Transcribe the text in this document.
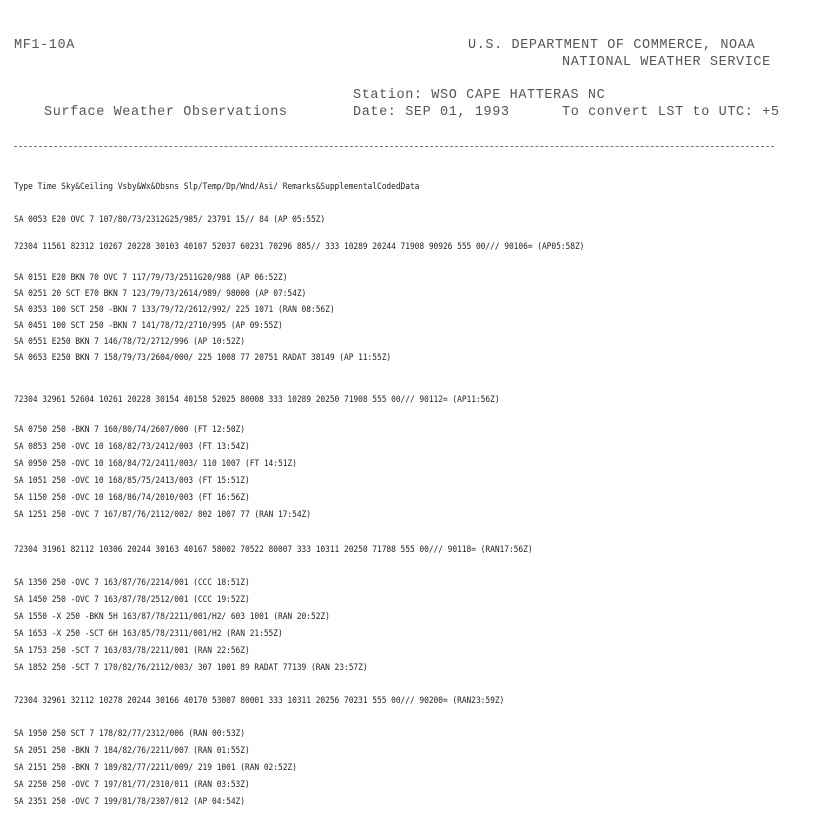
MF1-10A	U.S. DEPARTMENT OF COMMERCE, NOAA
NATIONAL WEATHER SERVICE
Station: WSO CAPE HATTERAS NC
Surface Weather Observations	Date: SEP 01, 1993	To convert LST to UTC: +5
Type Time Sky&Ceiling Vsby&Wx&Obsns Slp/Temp/Dp/Wnd/Asi/ Remarks&SupplementalCodedData
SA 0053 E20 OVC 7 107/80/73/2312G25/985/ 23791 15// 84 (AP 05:55Z)
72304 11561 82312 10267 20228 30103 40107 52037 60231 70296 885// 333 10289 20244 71908 90926 555 00/// 90106= (AP05:58Z)
SA 0151 E20 BKN 70 OVC 7 117/79/73/2511G20/988 (AP 06:52Z)
SA 0251 20 SCT E70 BKN 7 123/79/73/2614/989/ 98000 (AP 07:54Z)
SA 0353 100 SCT 250 -BKN 7 133/79/72/2612/992/ 225 1071 (RAN 08:56Z)
SA 0451 100 SCT 250 -BKN 7 141/78/72/2710/995 (AP 09:55Z)
SA 0551 E250 BKN 7 146/78/72/2712/996 (AP 10:52Z)
SA 0653 E250 BKN 7 158/79/73/2604/000/ 225 1008 77 20751 RADAT 38149 (AP 11:55Z)
72304 32961 52604 10261 20228 30154 40158 52025 80008 333 10289 20250 71908 555 00/// 90112= (AP11:56Z)
SA 0750 250 -BKN 7 160/80/74/2607/000 (FT 12:50Z)
SA 0853 250 -OVC 10 168/82/73/2412/003 (FT 13:54Z)
SA 0950 250 -OVC 10 168/84/72/2411/003/ 110 1007 (FT 14:51Z)
SA 1051 250 -OVC 10 168/85/75/2413/003 (FT 15:51Z)
SA 1150 250 -OVC 10 168/86/74/2010/003 (FT 16:56Z)
SA 1251 250 -OVC 7 167/87/76/2112/002/ 802 1007 77 (RAN 17:54Z)
72304 31961 82112 10306 20244 30163 40167 58002 70522 80007 333 10311 20250 71788 555 00/// 90118= (RAN17:56Z)
SA 1350 250 -OVC 7 163/87/76/2214/001 (CCC 18:51Z)
SA 1450 250 -OVC 7 163/87/78/2512/001 (CCC 19:52Z)
SA 1550 -X 250 -BKN 5H 163/87/78/2211/001/H2/ 603 1001 (RAN 20:52Z)
SA 1653 -X 250 -SCT 6H 163/85/78/2311/001/H2 (RAN 21:55Z)
SA 1753 250 -SCT 7 163/83/78/2211/001 (RAN 22:56Z)
SA 1852 250 -SCT 7 170/82/76/2112/003/ 307 1001 89 RADAT 77139 (RAN 23:57Z)
72304 32961 32112 10278 20244 30166 40170 53007 80001 333 10311 20256 70231 555 00/// 90200= (RAN23:59Z)
SA 1950 250 SCT 7 178/82/77/2312/006 (RAN 00:53Z)
SA 2051 250 -BKN 7 184/82/76/2211/007 (RAN 01:55Z)
SA 2151 250 -BKN 7 189/82/77/2211/009/ 219 1001 (RAN 02:52Z)
SA 2250 250 -OVC 7 197/81/77/2310/011 (RAN 03:53Z)
SA 2351 250 -OVC 7 199/81/78/2307/012 (AP 04:54Z)
